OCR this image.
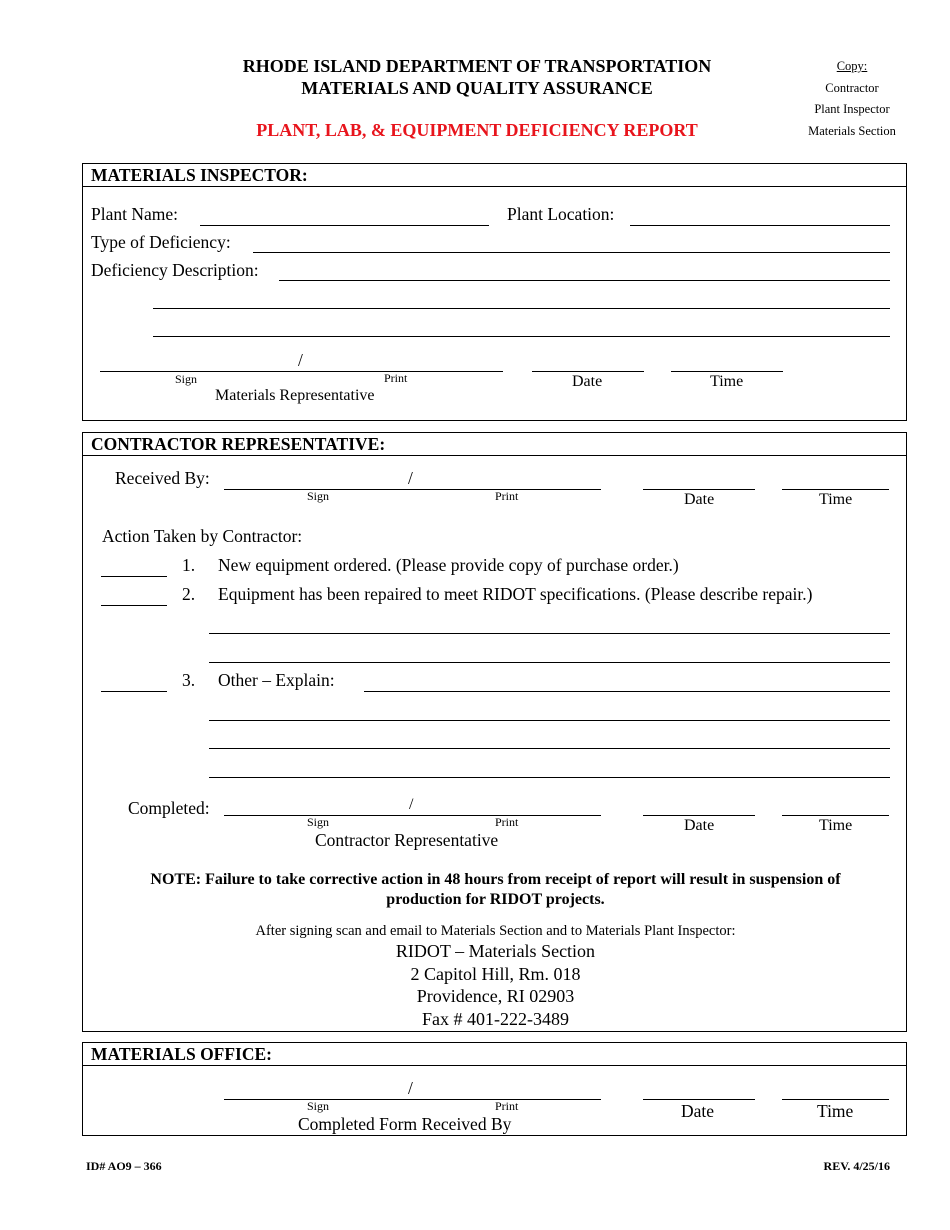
RHODE ISLAND DEPARTMENT OF TRANSPORTATION
MATERIALS AND QUALITY ASSURANCE
PLANT, LAB, & EQUIPMENT DEFICIENCY REPORT
Copy:
Contractor
Plant Inspector
Materials Section
MATERIALS INSPECTOR:
Plant Name:	Plant Location:
Type of Deficiency:
Deficiency Description:
/
Sign	Print
Materials Representative
Date	Time
CONTRACTOR REPRESENTATIVE:
Received By:	/
Sign	Print	Date	Time
Action Taken by Contractor:
1. New equipment ordered. (Please provide copy of purchase order.)
2. Equipment has been repaired to meet RIDOT specifications. (Please describe repair.)
3. Other – Explain:
Completed:	/
Sign	Print
Contractor Representative
Date	Time
NOTE: Failure to take corrective action in 48 hours from receipt of report will result in suspension of production for RIDOT projects.
After signing scan and email to Materials Section and to Materials Plant Inspector:
RIDOT – Materials Section
2 Capitol Hill, Rm. 018
Providence, RI 02903
Fax # 401-222-3489
MATERIALS OFFICE:
/
Sign	Print
Completed Form Received By
Date	Time
ID# AO9 – 366	REV. 4/25/16
